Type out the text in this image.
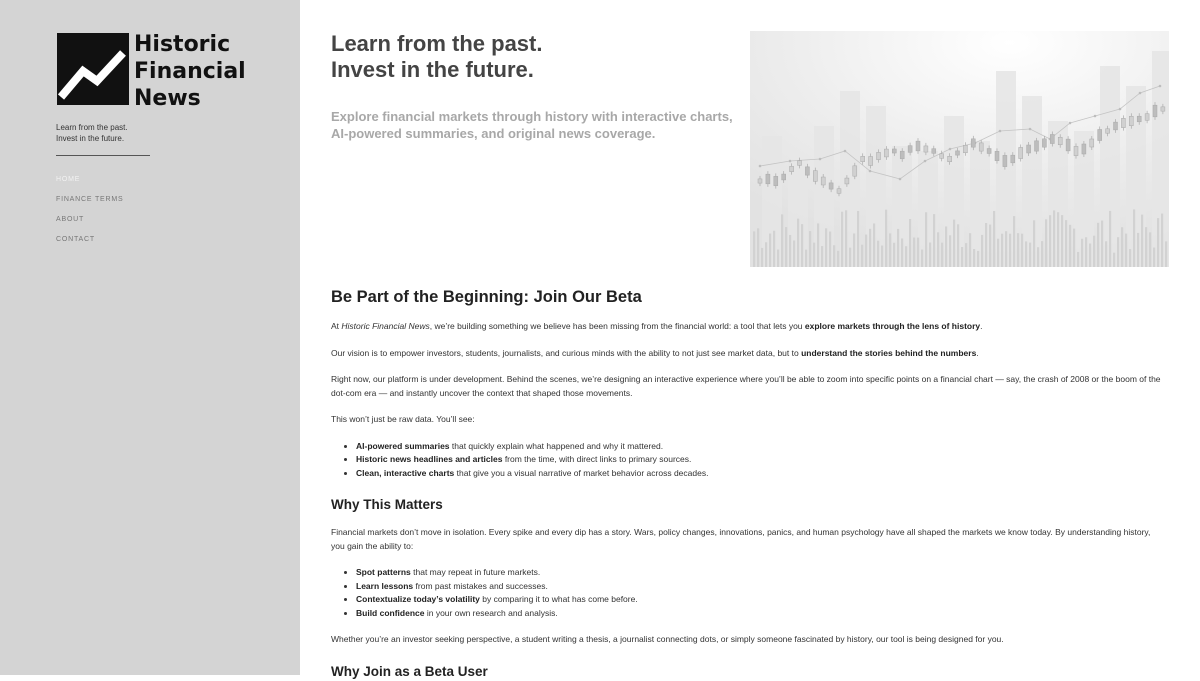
Historic
Financial
News
Learn from the past.
Invest in the future.
HOME
FINANCE TERMS
ABOUT
CONTACT
Learn from the past.
Invest in the future.

Explore financial markets through history with interactive charts, AI-powered summaries, and original news coverage.

Be Part of the Beginning: Join Our Beta

At Historic Financial News, we’re building something we believe has been missing from the financial world: a tool that lets you explore markets through the lens of history.

Our vision is to empower investors, students, journalists, and curious minds with the ability to not just see market data, but to understand the stories behind the numbers.

Right now, our platform is under development. Behind the scenes, we’re designing an interactive experience where you’ll be able to zoom into specific points on a financial chart — say, the crash of 2008 or the boom of the dot-com era — and instantly uncover the context that shaped those movements.

This won’t just be raw data. You’ll see:

• AI-powered summaries that quickly explain what happened and why it mattered.
• Historic news headlines and articles from the time, with direct links to primary sources.
• Clean, interactive charts that give you a visual narrative of market behavior across decades.
Why This Matters

Financial markets don’t move in isolation. Every spike and every dip has a story. Wars, policy changes, innovations, panics, and human psychology have all shaped the markets we know today. By understanding history, you gain the ability to:

• Spot patterns that may repeat in future markets.
• Learn lessons from past mistakes and successes.
• Contextualize today’s volatility by comparing it to what has come before.
• Build confidence in your own research and analysis.

Whether you’re an investor seeking perspective, a student writing a thesis, a journalist connecting dots, or simply someone fascinated by history, our tool is being designed for you.

Why Join as a Beta User
